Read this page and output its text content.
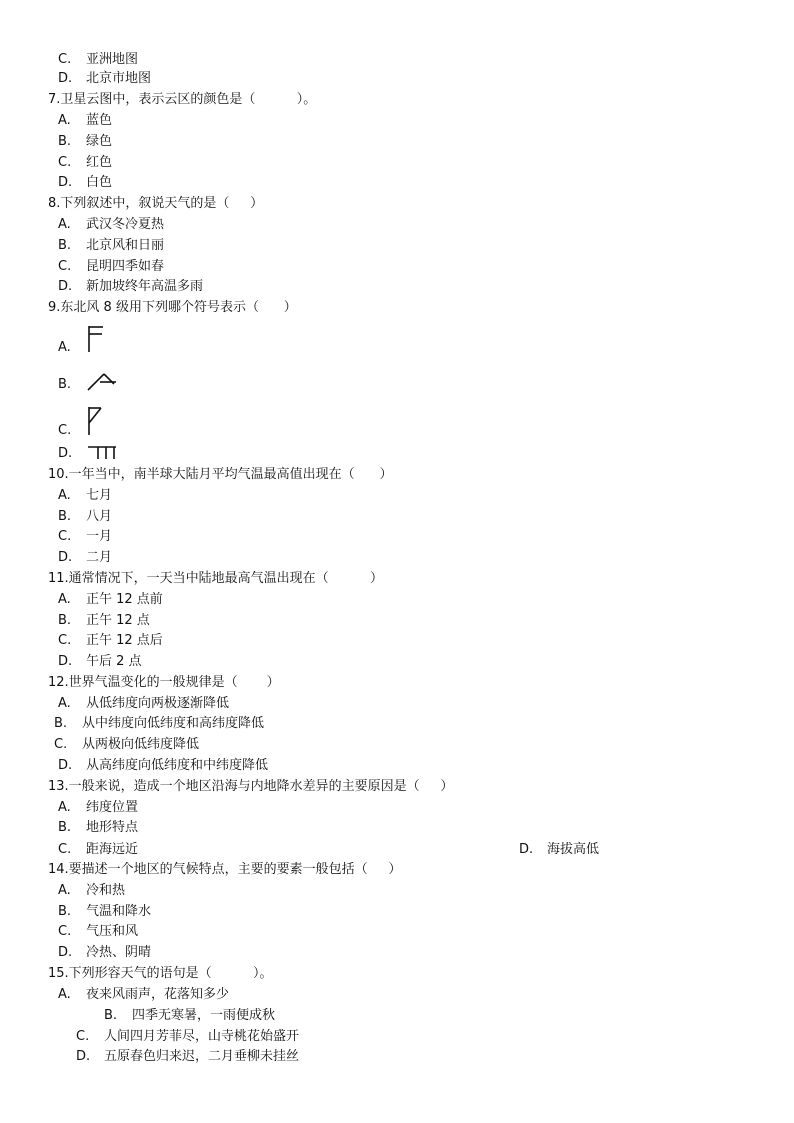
C.	亚洲地图
D.	北京市地图
7.卫星云图中，表示云区的颜色是（          ）。
A.	蓝色
B.	绿色
C.	红色
D.	白色
8.下列叙述中，叙说天气的是（     ）
A.	武汉冬冷夏热
B.	北京风和日丽
C.	昆明四季如春
D.	新加坡终年高温多雨
9.东北风 8 级用下列哪个符号表示（      ）
A.
B.
C.
D.
10.一年当中，南半球大陆月平均气温最高值出现在（      ）
A.	七月
B.	八月
C.	一月
D.	二月
11.通常情况下，一天当中陆地最高气温出现在（          ）
A.	正午 12 点前
B.	正午 12 点
C.	正午 12 点后
D.	午后 2 点
12.世界气温变化的一般规律是（       ）
A.	从低纬度向两极逐渐降低
B.	从中纬度向低纬度和高纬度降低
C.	从两极向低纬度降低
D.	从高纬度向低纬度和中纬度降低
13.一般来说，造成一个地区沿海与内地降水差异的主要原因是（     ）
A.	纬度位置
B.	地形特点
C.	距海远近	D.	海拔高低
14.要描述一个地区的气候特点，主要的要素一般包括（     ）
A.	冷和热
B.	气温和降水
C.	气压和风
D.	冷热、阴晴
15.下列形容天气的语句是（          ）。
A.	夜来风雨声，花落知多少
B.	四季无寒暑，一雨便成秋
C.	人间四月芳菲尽，山寺桃花始盛开
D.	五原春色归来迟，二月垂柳未挂丝
